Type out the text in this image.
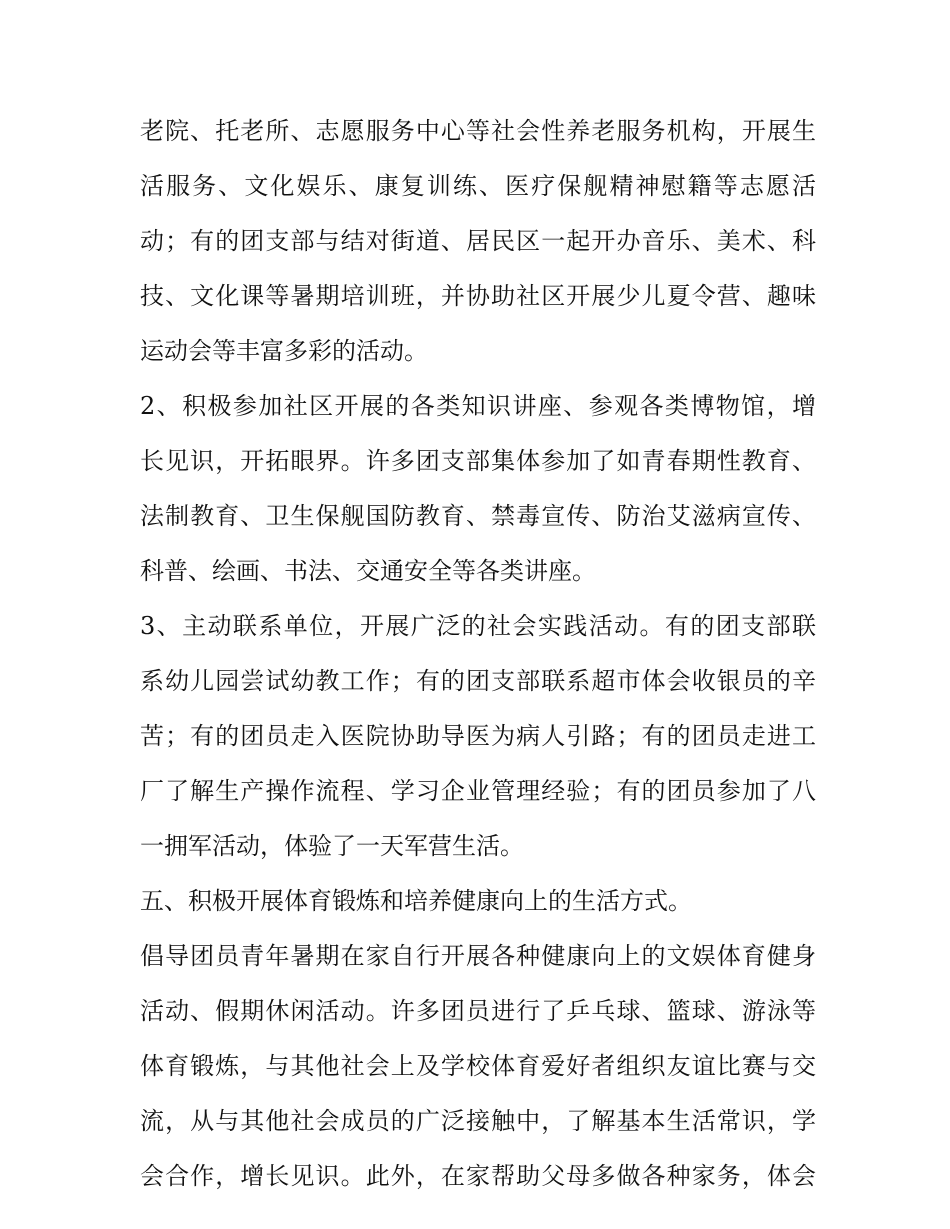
老院、托老所、志愿服务中心等社会性养老服务机构，开展生
活服务、文化娱乐、康复训练、医疗保舰精神慰籍等志愿活
动；有的团支部与结对街道、居民区一起开办音乐、美术、科
技、文化课等暑期培训班，并协助社区开展少儿夏令营、趣味
运动会等丰富多彩的活动。
2、积极参加社区开展的各类知识讲座、参观各类博物馆，增
长见识，开拓眼界。许多团支部集体参加了如青春期性教育、
法制教育、卫生保舰国防教育、禁毒宣传、防治艾滋病宣传、
科普、绘画、书法、交通安全等各类讲座。
3、主动联系单位，开展广泛的社会实践活动。有的团支部联
系幼儿园尝试幼教工作；有的团支部联系超市体会收银员的辛
苦；有的团员走入医院协助导医为病人引路；有的团员走进工
厂了解生产操作流程、学习企业管理经验；有的团员参加了八
一拥军活动，体验了一天军营生活。
五、积极开展体育锻炼和培养健康向上的生活方式。
倡导团员青年暑期在家自行开展各种健康向上的文娱体育健身
活动、假期休闲活动。许多团员进行了乒乓球、篮球、游泳等
体育锻炼，与其他社会上及学校体育爱好者组织友谊比赛与交
流，从与其他社会成员的广泛接触中，了解基本生活常识，学
会合作，增长见识。此外，在家帮助父母多做各种家务，体会
